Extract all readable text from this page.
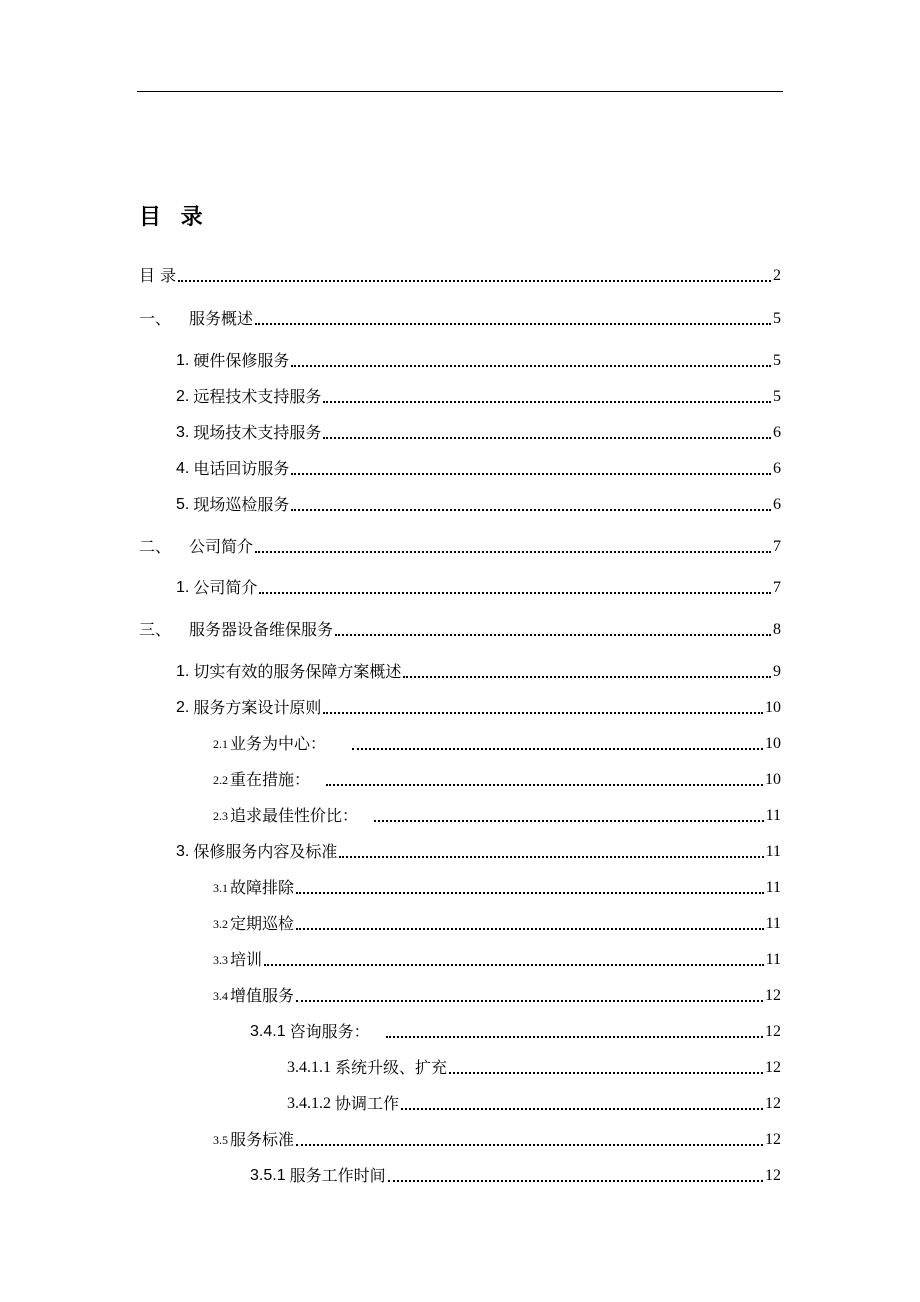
目 录
目 录	2
一、 服务概述	5
1. 硬件保修服务	5
2. 远程技术支持服务	5
3. 现场技术支持服务	6
4. 电话回访服务	6
5. 现场巡检服务	6
二、 公司简介	7
1. 公司简介	7
三、 服务器设备维保服务	8
1. 切实有效的服务保障方案概述	9
2. 服务方案设计原则	10
2.1 业务为中心：	10
2.2 重在措施：	10
2.3 追求最佳性价比：	11
3. 保修服务内容及标准	11
3.1 故障排除	11
3.2 定期巡检	11
3.3 培训	11
3.4 增值服务	12
3.4.1 咨询服务：	12
3.4.1.1 系统升级、扩充	12
3.4.1.2 协调工作	12
3.5 服务标准	12
3.5.1 服务工作时间	12
